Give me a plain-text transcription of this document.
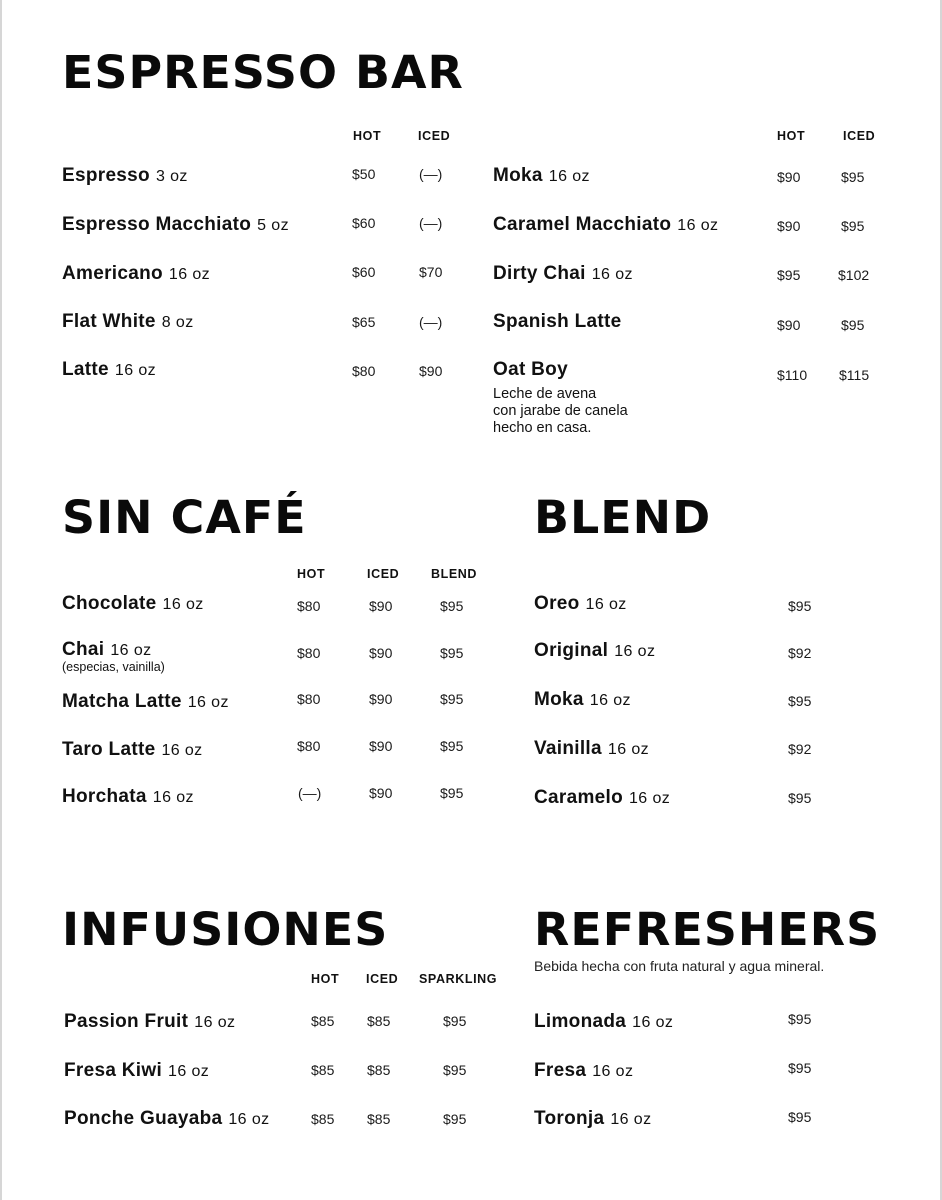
ESPRESSO BAR
HOT	ICED	HOT	ICED
Espresso 3 oz	$50	(—)
Espresso Macchiato 5 oz	$60	(—)
Americano 16 oz	$60	$70
Flat White 8 oz	$65	(—)
Latte 16 oz	$80	$90
Moka 16 oz	$90	$95
Caramel Macchiato 16 oz	$90	$95
Dirty Chai 16 oz	$95	$102
Spanish Latte	$90	$95
Oat Boy	$110 $115
Leche de avena
con jarabe de canela
hecho en casa.
SIN CAFÉ
HOT	ICED	BLEND
Chocolate 16 oz	$80	$90	$95
Chai 16 oz
(especias, vainilla)
$80	$90	$95
Matcha Latte 16 oz	$80	$90	$95
Taro Latte 16 oz	$80	$90	$95
Horchata 16 oz	(—)	$90	$95
BLEND
Oreo 16 oz	$95
Original 16 oz	$92
Moka 16 oz	$95
Vainilla 16 oz	$92
Caramelo 16 oz	$95
INFUSIONES
HOT ICED SPARKLING
Passion Fruit 16 oz	$85 $85	$95
Fresa Kiwi 16 oz	$85 $85	$95
Ponche Guayaba 16 oz	$85 $85	$95
REFRESHERS
Bebida hecha con fruta natural y agua mineral.
Limonada 16 oz	$95
Fresa 16 oz	$95
Toronja 16 oz	$95
